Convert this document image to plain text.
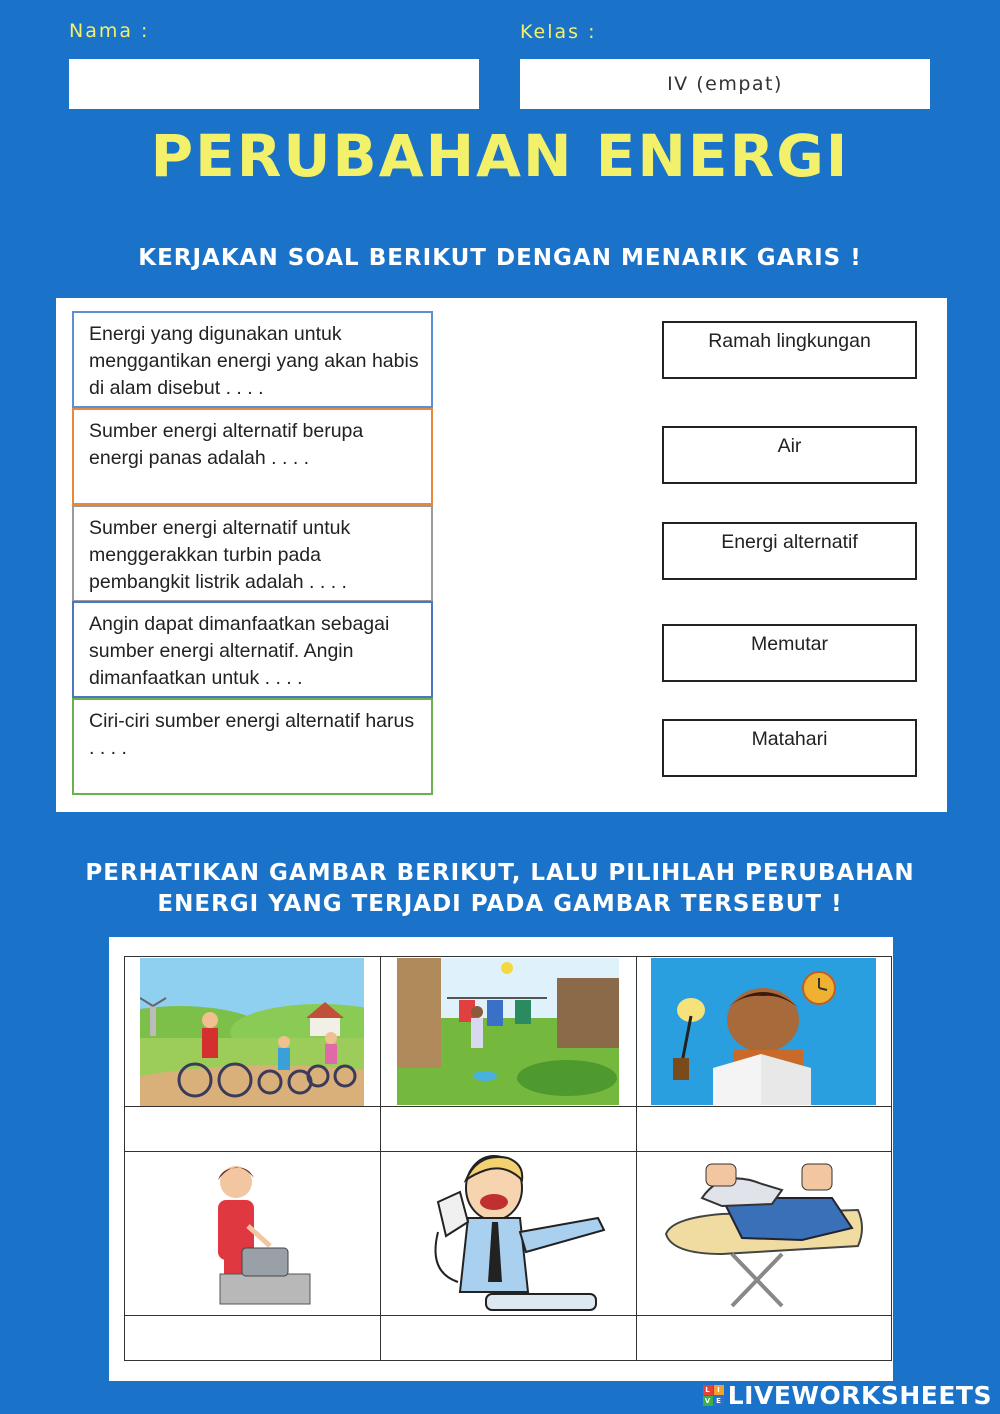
Nama :	Kelas :
IV (empat)
PERUBAHAN ENERGI
KERJAKAN SOAL BERIKUT DENGAN MENARIK GARIS !
Energi yang digunakan untuk menggantikan energi yang akan habis di alam disebut . . . .
Sumber energi alternatif berupa energi panas adalah . . . .
Sumber energi alternatif untuk menggerakkan turbin pada pembangkit listrik adalah . . . .
Angin dapat dimanfaatkan sebagai sumber energi alternatif. Angin dimanfaatkan untuk . . . .
Ciri-ciri sumber energi alternatif harus . . . .
Ramah lingkungan
Air
Energi alternatif
Memutar
Matahari
PERHATIKAN GAMBAR BERIKUT, LALU PILIHLAH PERUBAHAN
ENERGI YANG TERJADI PADA GAMBAR TERSEBUT !
L I
V E LIVEWORKSHEETS
